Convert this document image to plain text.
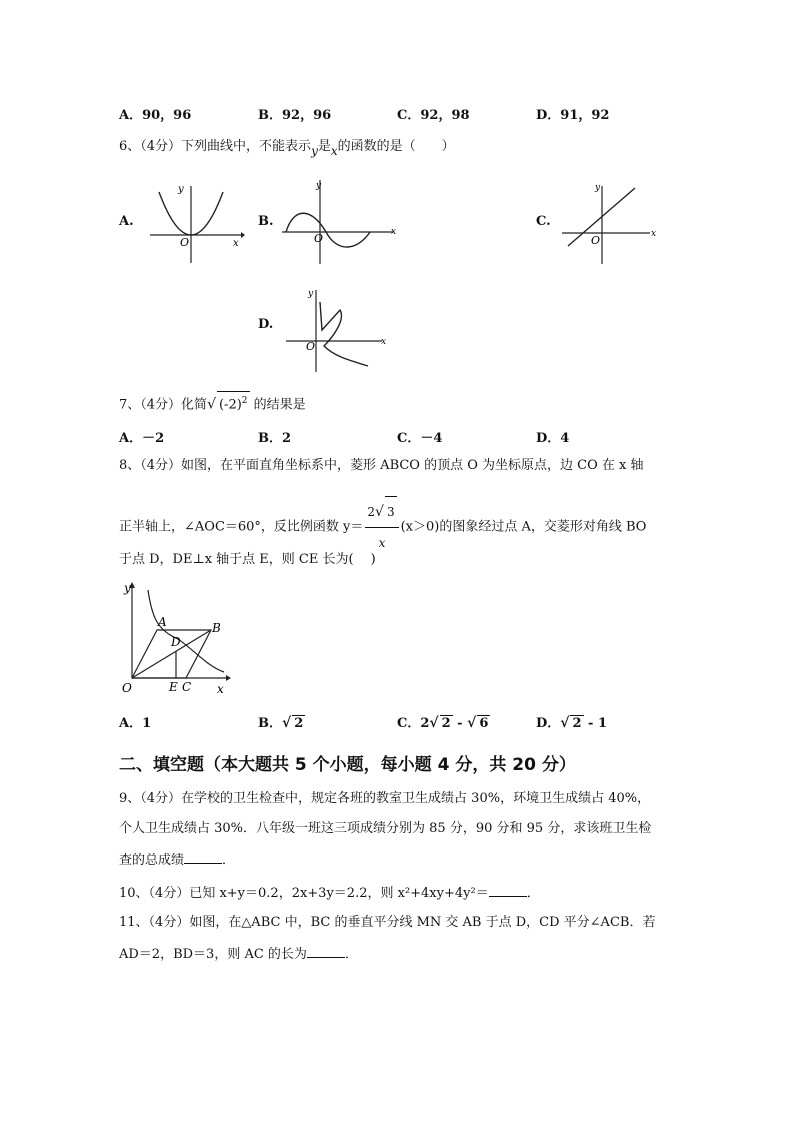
A．90，96	B．92，96	C．92，98	D．91，92
6、（4分）下列曲线中，不能表示y是x的函数的是（　　）
A.	B.	C.
D.
O	x
y
O	x
y
O	x
y
O	x
y
7、（4分）化简√ $(-2)^2$ 的结果是
A．－2	B．2	C．－4	D．4
8、（4分）如图，在平面直角坐标系中，菱形 ABCO 的顶点 O 为坐标原点，边 CO 在 x 轴
正半轴上，∠AOC＝60°，反比例函数 $y= \frac{2√ 3}{x} (x>0)$的图象经过点 A，交菱形对角线 BO
于点 D，DE⊥x 轴于点 E，则 CE 长为(　 )
y
x
O
A	B
D
E C
A．1	B．√ 2	C．2√ 2 - √ 6	D．√ 2 - 1
二、填空题（本大题共 5 个小题，每小题 4 分，共 20 分）
9、（4分）在学校的卫生检查中，规定各班的教室卫生成绩占 30%，环境卫生成绩占 40%，
个人卫生成绩占 30%．八年级一班这三项成绩分别为 85 分，90 分和 95 分，求该班卫生检
查的总成绩	．
10、（4分）已知 x+y＝0.2，2x+3y＝2.2，则 x²+4xy+4y²＝	．
11、（4分）如图，在△ABC 中，BC 的垂直平分线 MN 交 AB 于点 D，CD 平分∠ACB．若
AD＝2，BD＝3，则 AC 的长为	．
